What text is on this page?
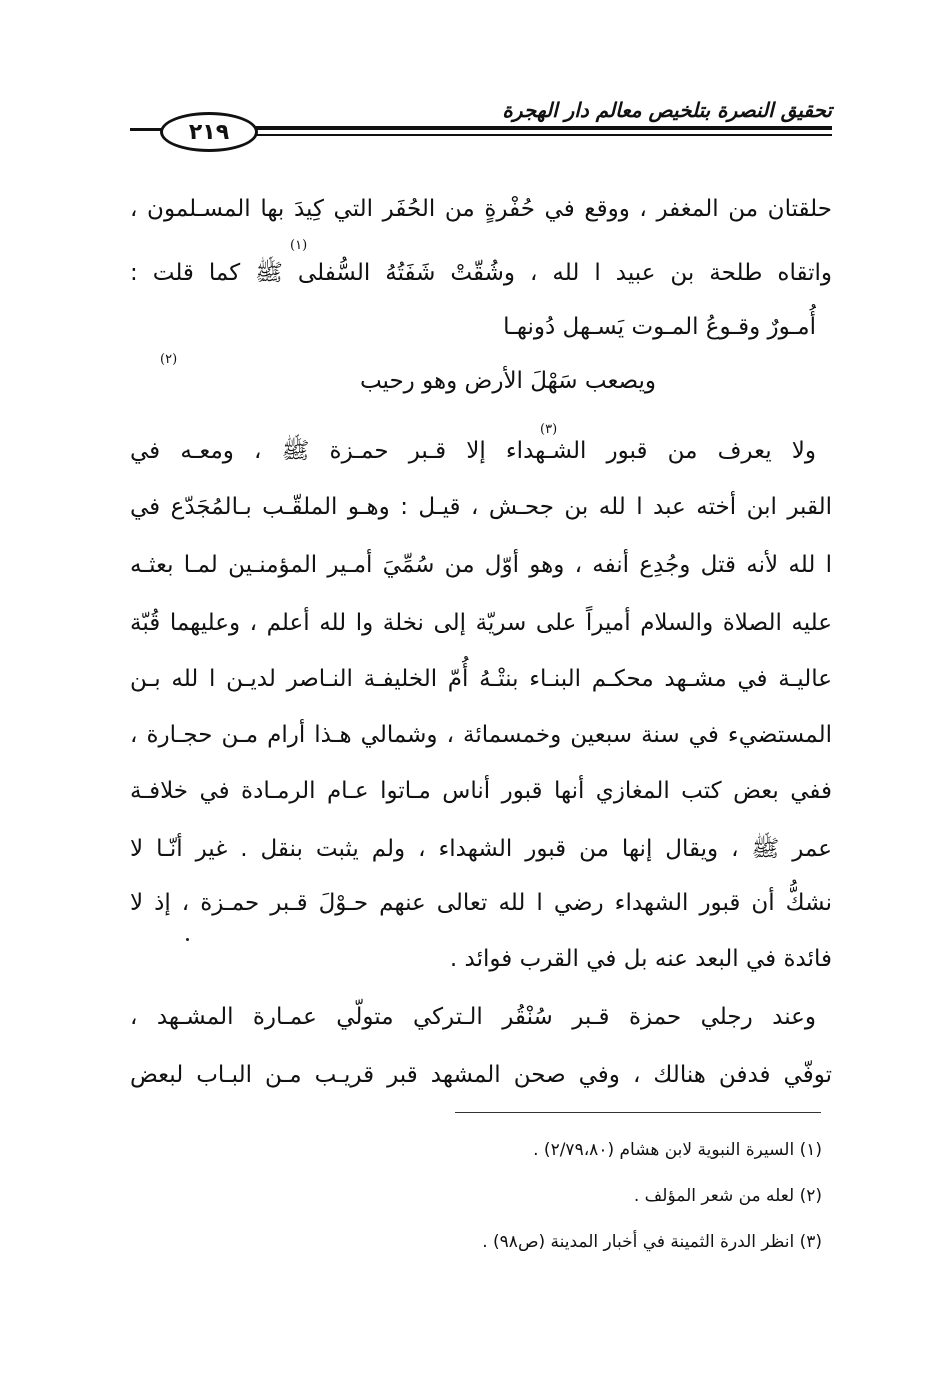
تحقيق النصرة بتلخيص معالم دار الهجرة
٢١٩
حلقتان من المغفر ، ووقع في حُفْرةٍ من الحُفَر التي كِيدَ بها المسـلمون ،
واتقاه طلحة بن عبيد ا لله ، وشُقّتْ شَفَتُهُ السُّفلى ﷺ كما قلت :
(١)
أُمـورٌ وقـوعُ المـوت يَسـهل دُونهـا
ويصعب سَهْلَ الأرض وهو رحيب
(٢)
ولا يعرف من قبور الشـهداء إلا قـبر حمـزة ﷺ ، ومعـه في
(٣)
القبر ابن أخته عبد ا لله بن جحـش ، قيـل : وهـو الملقّـب بـالمُجَدّع في
ا لله لأنه قتل وجُدِع أنفه ، وهو أوّل من سُمِّيَ أمـير المؤمنـين لمـا بعثـه
عليه الصلاة والسلام أميراً على سريّة إلى نخلة وا لله أعلم ، وعليهما قُبّة
عاليـة في مشـهد محكـم البنـاء بنتْـهُ أُمّ الخليفـة النـاصر لديـن ا لله بـن
المستضيء في سنة سبعين وخمسمائة ، وشمالي هـذا أرام مـن حجـارة ،
ففي بعض كتب المغازي أنها قبور أناس مـاتوا عـام الرمـادة في خلافـة
عمر ﷺ ، ويقال إنها من قبور الشهداء ، ولم يثبت بنقل . غير أنّـا لا
نشكُّ أن قبور الشهداء رضي ا لله تعالى عنهم حـوْلَ قـبر حمـزة ، إذ لا
فائدة في البعد عنه بل في القرب فوائد .
وعند رجلي حمزة قـبر سُنْقُر الـتركي متولّي عمـارة المشـهد ،
توفّي فدفن هنالك ، وفي صحن المشهد قبر قريـب مـن البـاب لبعض
(١) السيرة النبوية لابن هشام (٢/٧٩،٨٠) .
(٢) لعله من شعر المؤلف .
(٣) انظر الدرة الثمينة في أخبار المدينة (ص٩٨) .
